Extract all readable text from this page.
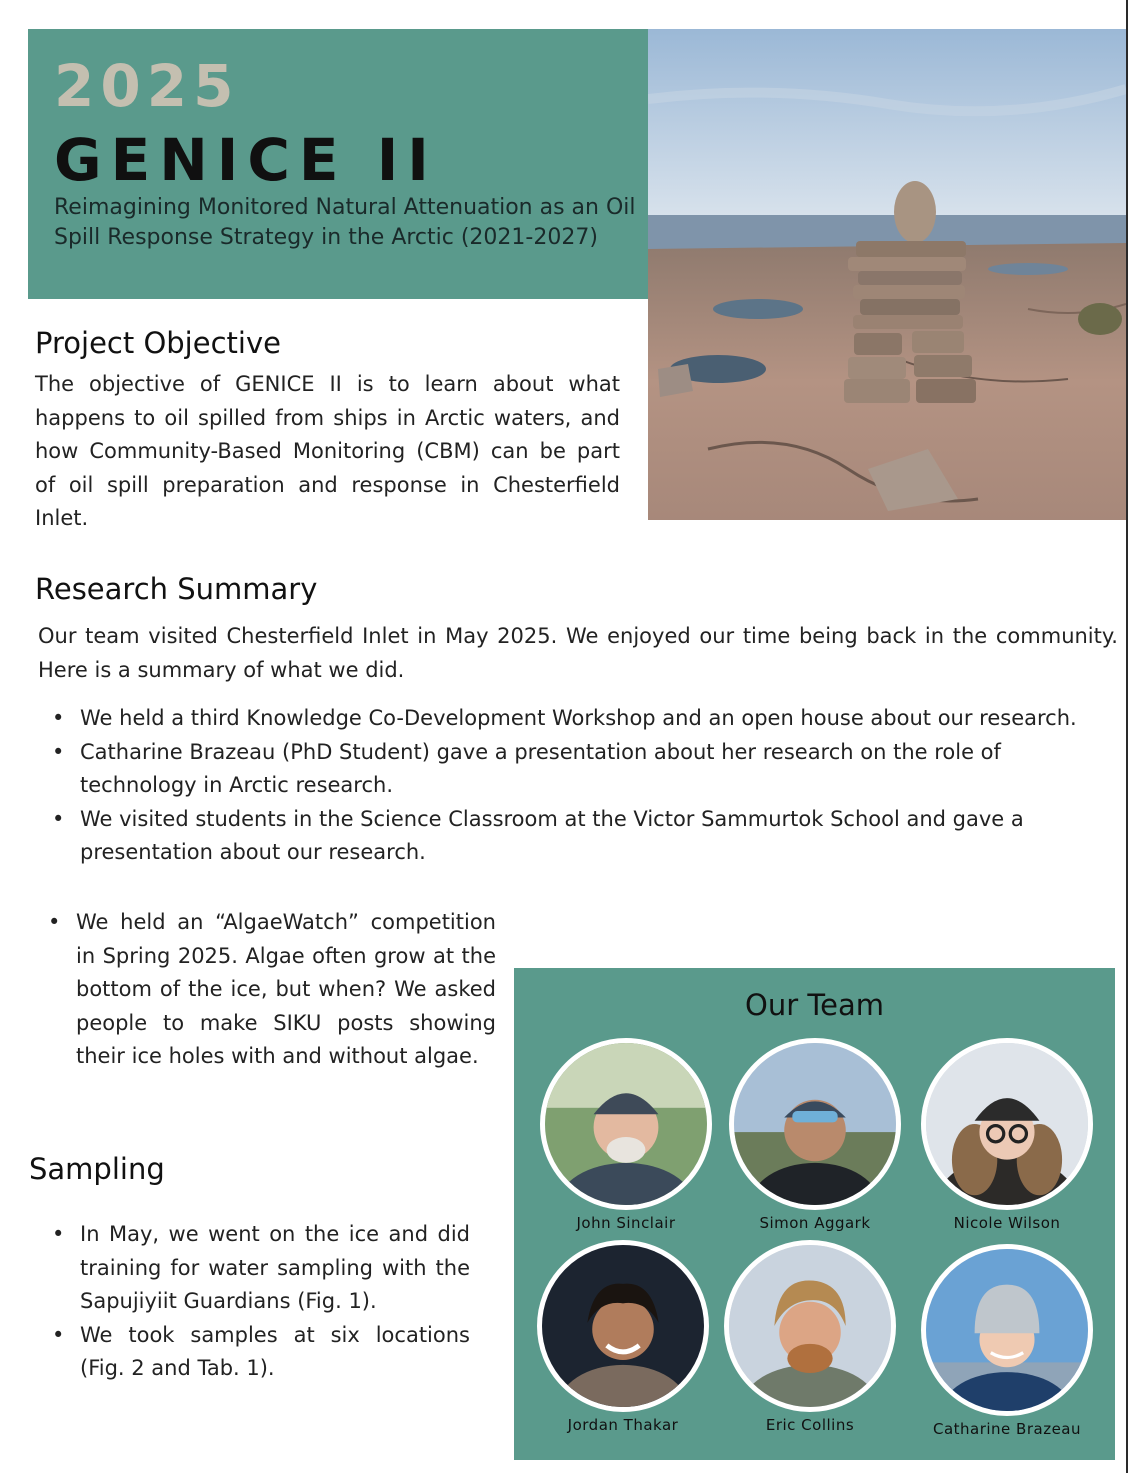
2025
GENICE II
Reimagining Monitored Natural Attenuation as an Oil Spill Response Strategy in the Arctic (2021-2027)
Project Objective
The objective of GENICE II is to learn about what happens to oil spilled from ships in Arctic waters, and how Community-Based Monitoring (CBM) can be part of oil spill preparation and response in Chesterfield Inlet.
Research Summary
Our team visited Chesterfield Inlet in May 2025. We enjoyed our time being back in the community. Here is a summary of what we did.
• We held a third Knowledge Co-Development Workshop and an open house about our research.
• Catharine Brazeau (PhD Student) gave a presentation about her research on the role of technology in Arctic research.
• We visited students in the Science Classroom at the Victor Sammurtok School and gave a presentation about our research.
• We held an “AlgaeWatch” competition in Spring 2025. Algae often grow at the bottom of the ice, but when? We asked people to make SIKU posts showing their ice holes with and without algae.
Sampling
• In May, we went on the ice and did training for water sampling with the Sapujiyiit Guardians (Fig. 1).
• We took samples at six locations (Fig. 2 and Tab. 1).
Our Team
John Sinclair	Simon Aggark	Nicole Wilson
Jordan Thakar	Eric Collins	Catharine Brazeau
